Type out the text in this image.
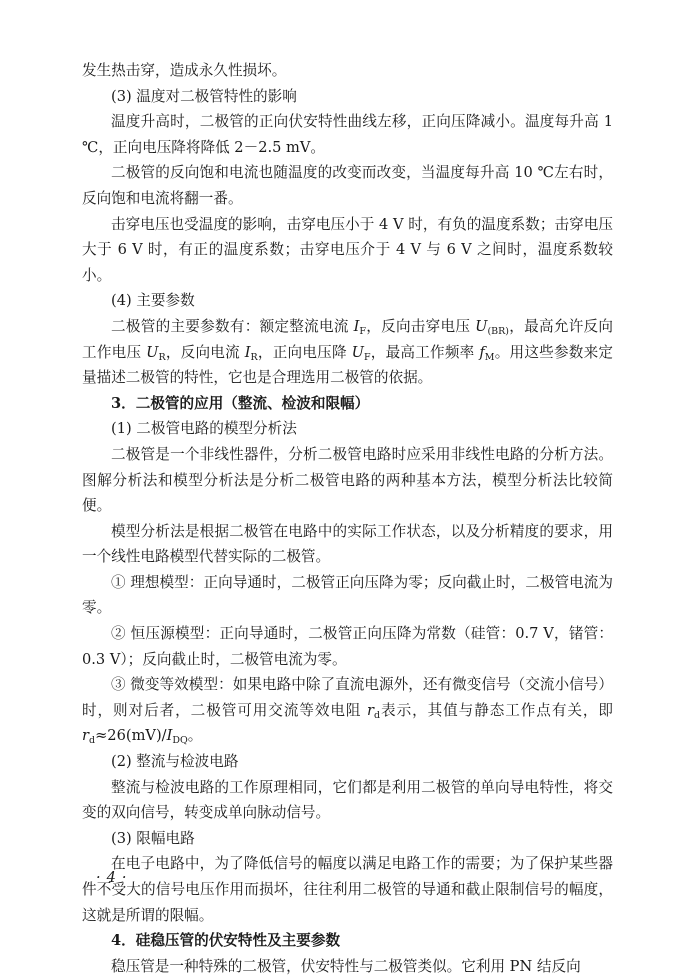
发生热击穿，造成永久性损坏。

(3) 温度对二极管特性的影响

温度升高时，二极管的正向伏安特性曲线左移，正向压降减小。温度每升高 1 ℃，正向电压降将降低 2－2.5 mV。

二极管的反向饱和电流也随温度的改变而改变，当温度每升高 10 ℃左右时，反向饱和电流将翻一番。

击穿电压也受温度的影响，击穿电压小于 4 V 时，有负的温度系数；击穿电压大于 6 V 时，有正的温度系数；击穿电压介于 4 V 与 6 V 之间时，温度系数较小。

(4) 主要参数

二极管的主要参数有：额定整流电流 $I_F$，反向击穿电压 $U_{(BR)}$，最高允许反向工作电压 $U_R$，反向电流 $I_R$，正向电压降 $U_F$，最高工作频率 $f_M$。用这些参数来定量描述二极管的特性，它也是合理选用二极管的依据。

3．二极管的应用（整流、检波和限幅）

(1) 二极管电路的模型分析法

二极管是一个非线性器件，分析二极管电路时应采用非线性电路的分析方法。图解分析法和模型分析法是分析二极管电路的两种基本方法，模型分析法比较简便。

模型分析法是根据二极管在电路中的实际工作状态，以及分析精度的要求，用一个线性电路模型代替实际的二极管。

① 理想模型：正向导通时，二极管正向压降为零；反向截止时，二极管电流为零。

② 恒压源模型：正向导通时，二极管正向压降为常数（硅管：0.7 V，锗管：0.3 V）；反向截止时，二极管电流为零。

③ 微变等效模型：如果电路中除了直流电源外，还有微变信号（交流小信号）时，则对后者，二极管可用交流等效电阻 $r_d$表示，其值与静态工作点有关，即 $r_d\approx 26(mV)/I_{DQ}$。

(2) 整流与检波电路

整流与检波电路的工作原理相同，它们都是利用二极管的单向导电特性，将交变的双向信号，转变成单向脉动信号。

(3) 限幅电路

在电子电路中，为了降低信号的幅度以满足电路工作的需要；为了保护某些器件不受大的信号电压作用而损坏，往往利用二极管的导通和截止限制信号的幅度，这就是所谓的限幅。

4．硅稳压管的伏安特性及主要参数

稳压管是一种特殊的二极管，伏安特性与二极管类似。它利用 PN 结反向

·4·
